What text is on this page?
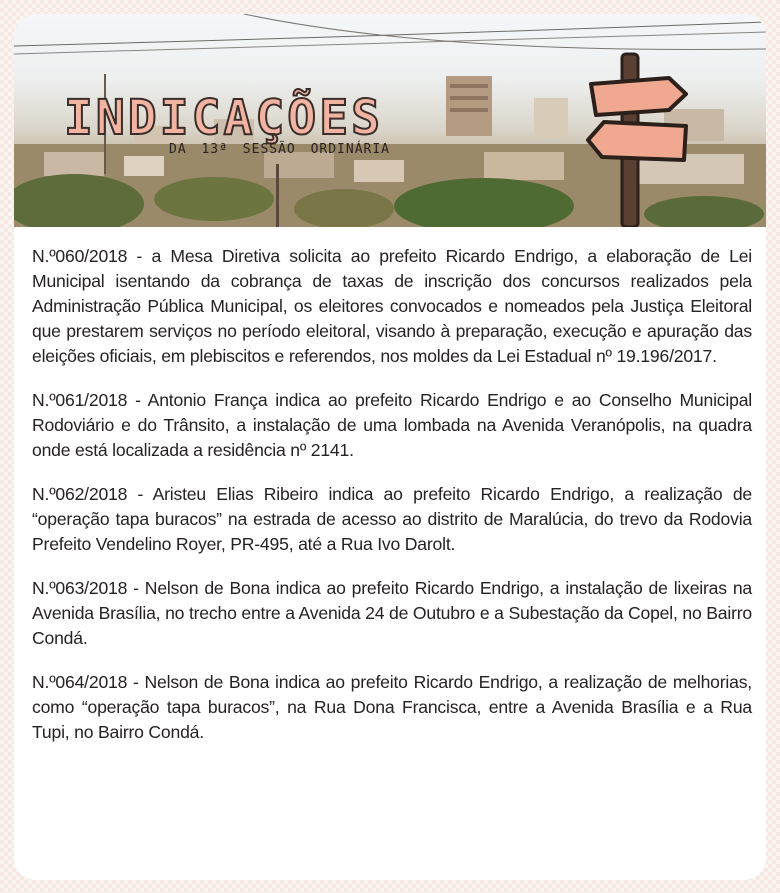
INDICAÇÕES
DA 13ª SESSÃO ORDINÁRIA

N.º060/2018 - a Mesa Diretiva solicita ao prefeito Ricardo Endrigo, a elaboração de Lei Municipal isentando da cobrança de taxas de inscrição dos concursos realizados pela Administração Pública Municipal, os eleitores convocados e nomeados pela Justiça Eleitoral que prestarem serviços no período eleitoral, visando à preparação, execução e apuração das eleições oficiais, em plebiscitos e referendos, nos moldes da Lei Estadual nº 19.196/2017.

N.º061/2018 - Antonio França indica ao prefeito Ricardo Endrigo e ao Conselho Municipal Rodoviário e do Trânsito, a instalação de uma lombada na Avenida Veranópolis, na quadra onde está localizada a residência nº 2141.

N.º062/2018 - Aristeu Elias Ribeiro indica ao prefeito Ricardo Endrigo, a realização de “operação tapa buracos” na estrada de acesso ao distrito de Maralúcia, do trevo da Rodovia Prefeito Vendelino Royer, PR-495, até a Rua Ivo Darolt.

N.º063/2018 - Nelson de Bona indica ao prefeito Ricardo Endrigo, a instalação de lixeiras na Avenida Brasília, no trecho entre a Avenida 24 de Outubro e a Subestação da Copel, no Bairro Condá.

N.º064/2018 - Nelson de Bona indica ao prefeito Ricardo Endrigo, a realização de melhorias, como “operação tapa buracos”, na Rua Dona Francisca, entre a Avenida Brasília e a Rua Tupi, no Bairro Condá.
